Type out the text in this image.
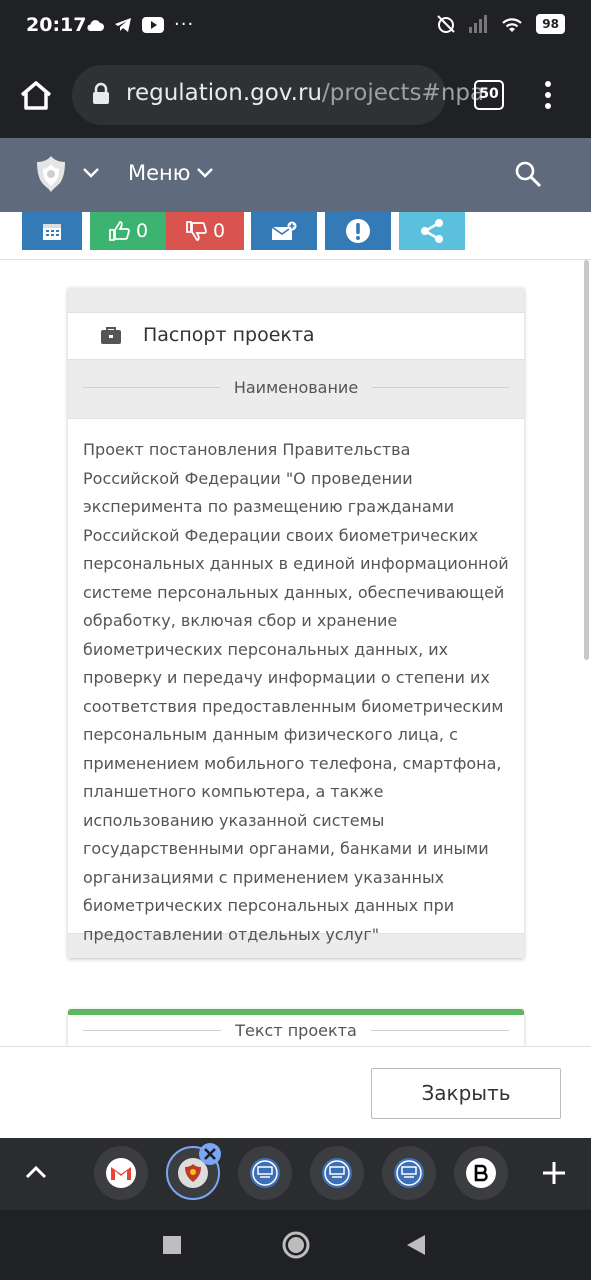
20:17	···	98
regulation.gov.ru/projects#npa
50
Меню
0	0
Паспорт проекта
Наименование
Проект постановления Правительства Российской Федерации "О проведении эксперимента по размещению гражданами Российской Федерации своих биометрических персональных данных в единой информационной системе персональных данных, обеспечивающей обработку, включая сбор и хранение биометрических персональных данных, их проверку и передачу информации о степени их соответствия предоставленным биометрическим персональным данным физического лица, с применением мобильного телефона, смартфона, планшетного компьютера, а также использованию указанной системы государственными органами, банками и иными организациями с применением указанных биометрических персональных данных при предоставлении отдельных услуг"
Текст проекта
Закрыть
